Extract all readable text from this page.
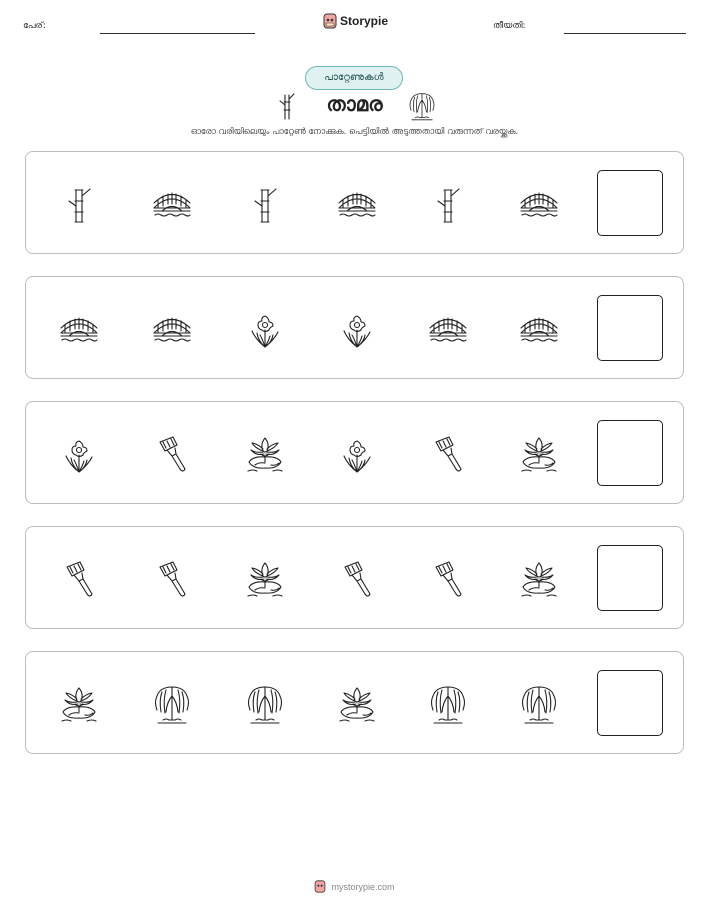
പേര്:	Storypie	തീയതി:
പാറ്റേണുകൾ
താമര
ഓരോ വരിയിലെയും പാറ്റേൺ നോക്കുക. പെട്ടിയിൽ അടുത്തതായി വരുന്നത് വരയ്ക്കുക.
mystorypie.com
